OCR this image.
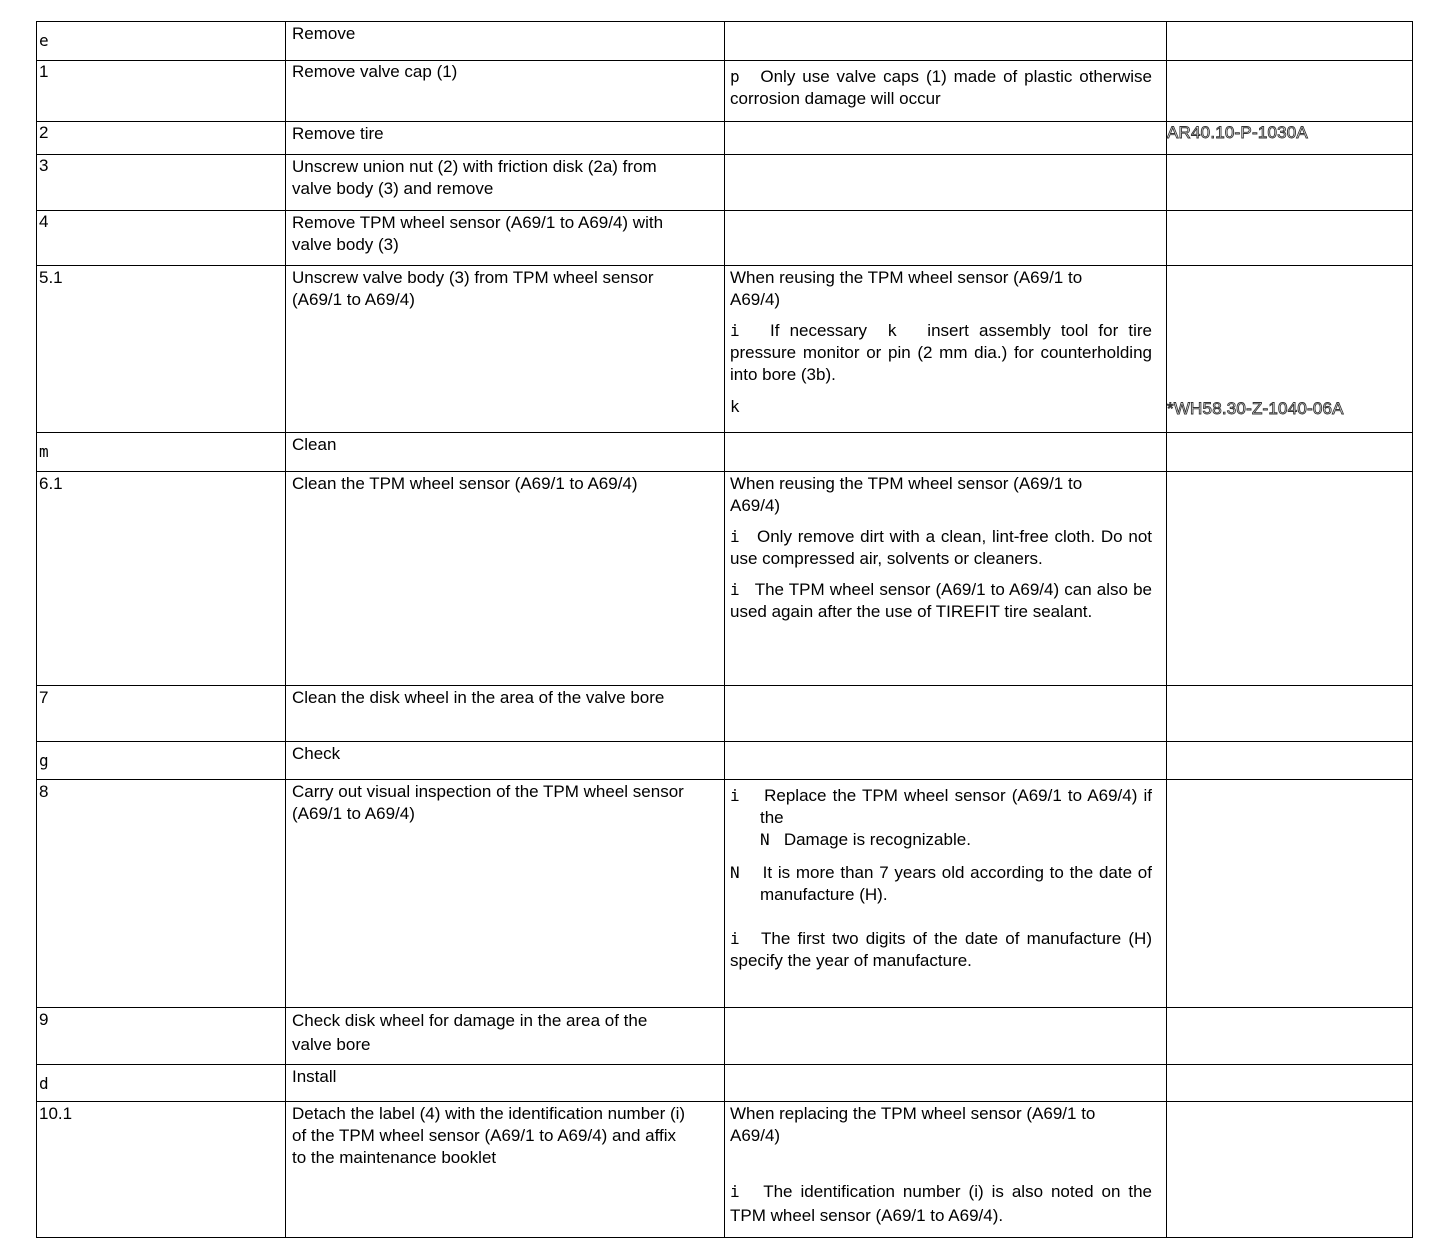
e	Remove		

1	Remove valve cap (1)	p Only use valve caps (1) made of plastic otherwise corrosion damage will occur	

2	Remove tire		AR40.10-P-1030A

3	Unscrew union nut (2) with friction disk (2a) from valve body (3) and remove		

4	Remove TPM wheel sensor (A69/1 to A69/4) with valve body (3)		

5.1	Unscrew valve body (3) from TPM wheel sensor (A69/1 to A69/4)	When reusing the TPM wheel sensor (A69/1 to A69/4)
i If necessary k insert assembly tool for tire pressure monitor or pin (2 mm dia.) for counterholding into bore (3b).
k	*WH58.30-Z-1040-06A

m	Clean		

6.1	Clean the TPM wheel sensor (A69/1 to A69/4)	When reusing the TPM wheel sensor (A69/1 to A69/4)
i Only remove dirt with a clean, lint-free cloth. Do not use compressed air, solvents or cleaners.
i The TPM wheel sensor (A69/1 to A69/4) can also be used again after the use of TIREFIT tire sealant.	

7	Clean the disk wheel in the area of the valve bore		

g	Check		

8	Carry out visual inspection of the TPM wheel sensor (A69/1 to A69/4)	i Replace the TPM wheel sensor (A69/1 to A69/4) if the
N Damage is recognizable.
N It is more than 7 years old according to the date of manufacture (H).
i The first two digits of the date of manufacture (H) specify the year of manufacture.	

9	Check disk wheel for damage in the area of the valve bore		

d	Install		

10.1	Detach the label (4) with the identification number (i) of the TPM wheel sensor (A69/1 to A69/4) and affix to the maintenance booklet	When replacing the TPM wheel sensor (A69/1 to A69/4)
i The identification number (i) is also noted on the TPM wheel sensor (A69/1 to A69/4).	
